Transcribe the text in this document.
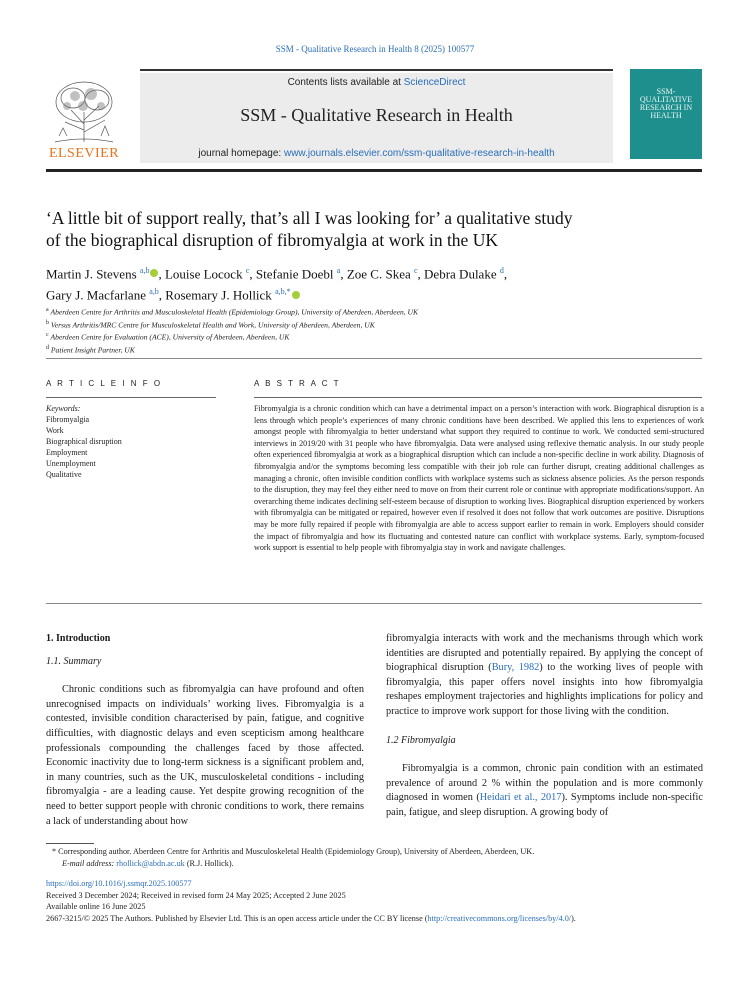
SSM - Qualitative Research in Health 8 (2025) 100577
ELSEVIER
Contents lists available at ScienceDirect
SSM - Qualitative Research in Health
journal homepage: www.journals.elsevier.com/ssm-qualitative-research-in-health
SSM-
QUALITATIVE
RESEARCH IN
HEALTH
‘A little bit of support really, that’s all I was looking for’ a qualitative study
of the biographical disruption of fibromyalgia at work in the UK
Martin J. Stevens $^{a,b}$ , Louise Locock $^c$, Stefanie Doebl $^a$, Zoe C. Skea $^c$, Debra Dulake $^d$,
Gary J. Macfarlane $^{a,b}$, Rosemary J. Hollick $^{a,b,*}$
$^a$ Aberdeen Centre for Arthritis and Musculoskeletal Health (Epidemiology Group), University of Aberdeen, Aberdeen, UK
$^b$ Versus Arthritis/MRC Centre for Musculoskeletal Health and Work, University of Aberdeen, Aberdeen, UK
$^c$ Aberdeen Centre for Evaluation (ACE), University of Aberdeen, Aberdeen, UK
$^d$ Patient Insight Partner, UK
A R T I C L E I N F O	A B S T R A C T
Keywords:
Fibromyalgia
Work
Biographical disruption
Employment
Unemployment
Qualitative
Fibromyalgia is a chronic condition which can have a detrimental impact on a person’s interaction with work. Biographical disruption is a lens through which people’s experiences of many chronic conditions have been described. We applied this lens to experiences of work amongst people with fibromyalgia to better understand what support they required to continue to work. We conducted semi-structured interviews in 2019/20 with 31 people who have fibromyalgia. Data were analysed using reflexive thematic analysis. In our study people often experienced fibromyalgia at work as a biographical disruption which can include a non-specific decline in work ability. Diagnosis of fibromyalgia and/or the symptoms becoming less compatible with their job role can further disrupt, creating additional challenges as managing a chronic, often invisible condition conflicts with workplace systems such as sickness absence policies. As the person responds to the disruption, they may feel they either need to move on from their current role or continue with appropriate modifications/support. An overarching theme indicates declining self-esteem because of disruption to working lives. Biographical disruption experienced by workers with fibromyalgia can be mitigated or repaired, however even if resolved it does not follow that work outcomes are positive. Disruptions may be more fully repaired if people with fibromyalgia are able to access support earlier to remain in work. Employers should consider the impact of fibromyalgia and how its fluctuating and contested nature can conflict with workplace systems. Early, symptom-focused work support is essential to help people with fibromyalgia stay in work and navigate challenges.
1. Introduction
1.1. Summary
Chronic conditions such as fibromyalgia can have profound and often unrecognised impacts on individuals’ working lives. Fibromyalgia is a contested, invisible condition characterised by pain, fatigue, and cognitive difficulties, with diagnostic delays and even scepticism among healthcare professionals compounding the challenges faced by those affected. Economic inactivity due to long-term sickness is a significant problem and, in many countries, such as the UK, musculoskeletal conditions - including fibromyalgia - are a leading cause. Yet despite growing recognition of the need to better support people with chronic conditions to work, there remains a lack of understanding about how
fibromyalgia interacts with work and the mechanisms through which work identities are disrupted and potentially repaired. By applying the concept of biographical disruption (Bury, 1982) to the working lives of people with fibromyalgia, this paper offers novel insights into how fibromyalgia reshapes employment trajectories and highlights implications for policy and practice to improve work support for those living with the condition.
1.2 Fibromyalgia
Fibromyalgia is a common, chronic pain condition with an estimated prevalence of around 2 % within the population and is more commonly diagnosed in women (Heidari et al., 2017). Symptoms include non-specific pain, fatigue, and sleep disruption. A growing body of
* Corresponding author. Aberdeen Centre for Arthritis and Musculoskeletal Health (Epidemiology Group), University of Aberdeen, Aberdeen, UK.
E-mail address: rhollick@abdn.ac.uk (R.J. Hollick).
https://doi.org/10.1016/j.ssmqr.2025.100577
Received 3 December 2024; Received in revised form 24 May 2025; Accepted 2 June 2025
Available online 16 June 2025
2667-3215/© 2025 The Authors. Published by Elsevier Ltd. This is an open access article under the CC BY license (http://creativecommons.org/licenses/by/4.0/).
